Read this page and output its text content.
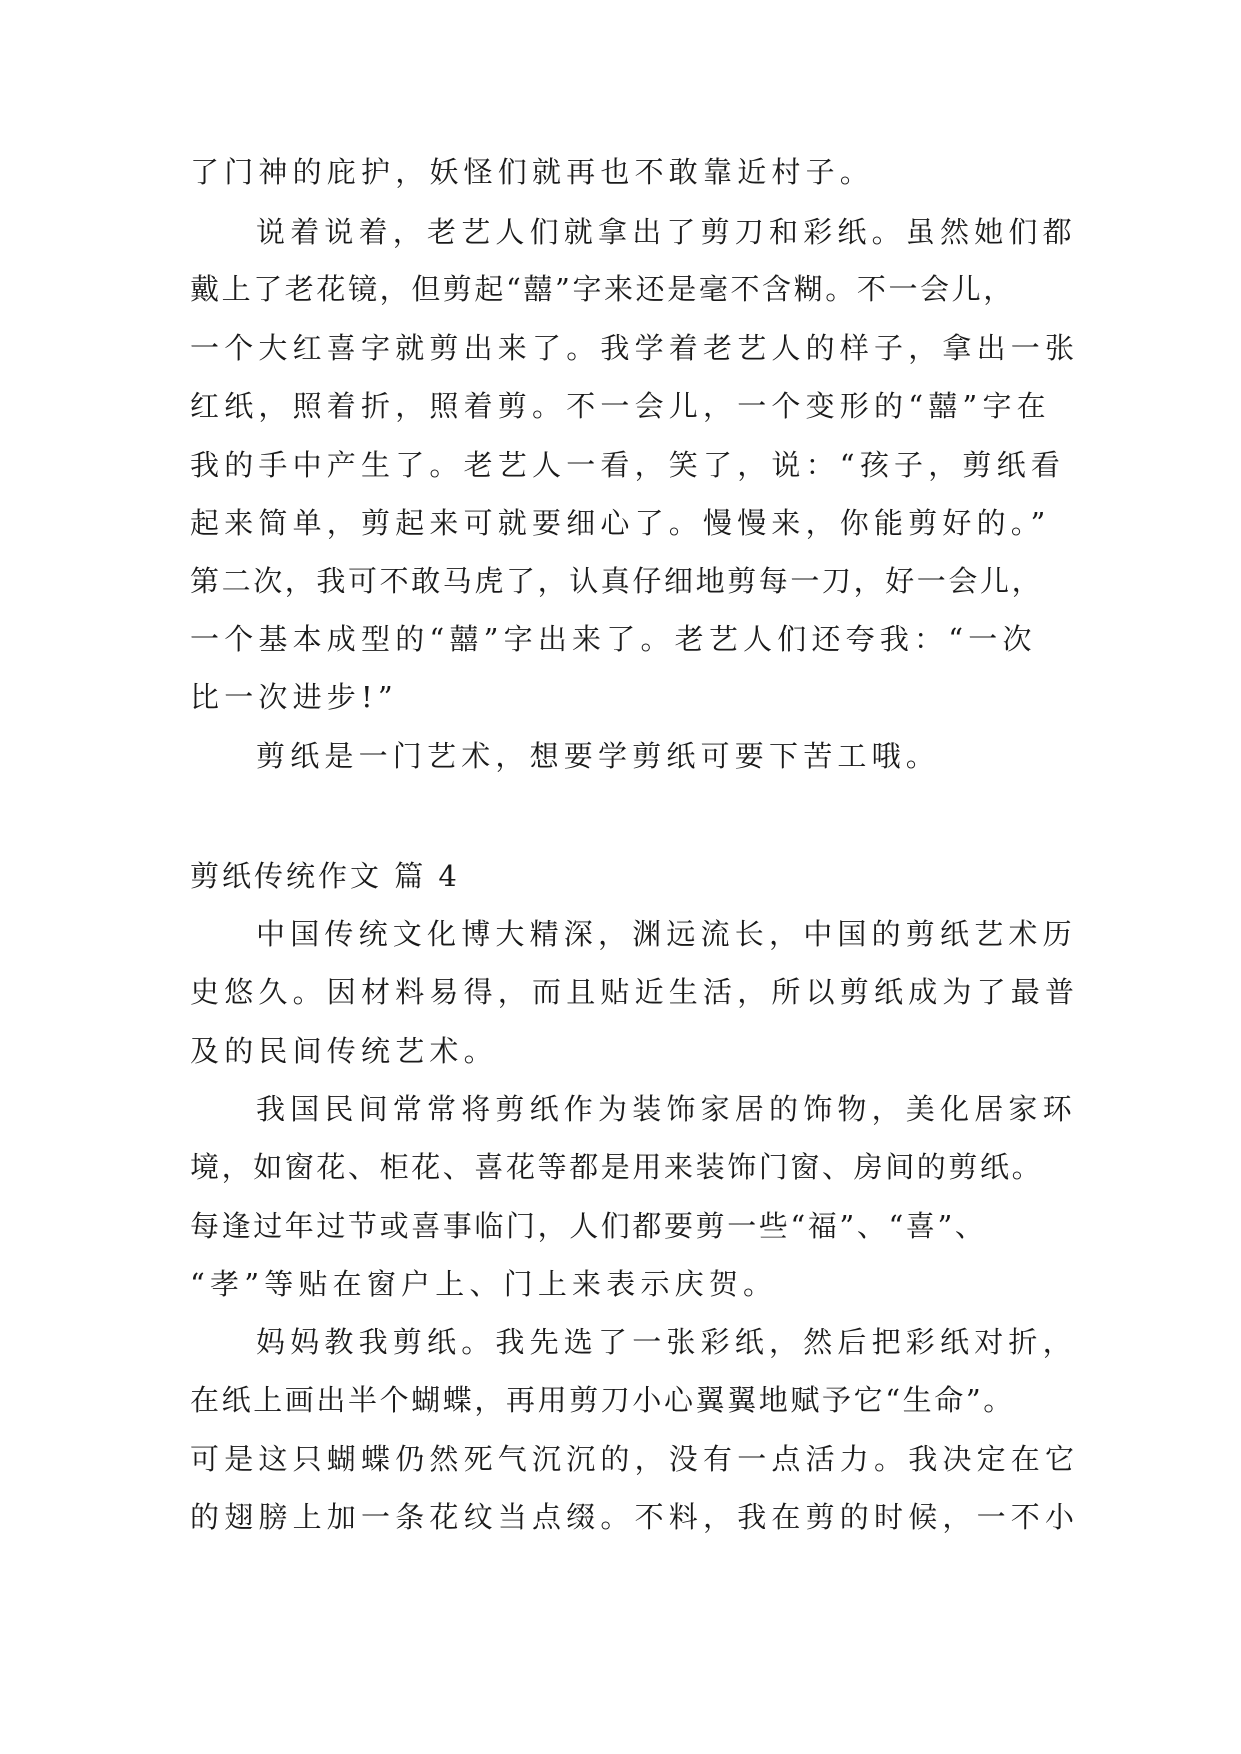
了门神的庇护，妖怪们就再也不敢靠近村子。
说着说着，老艺人们就拿出了剪刀和彩纸。虽然她们都
戴上了老花镜，但剪起“囍”字来还是毫不含糊。不一会儿，
一个大红喜字就剪出来了。我学着老艺人的样子，拿出一张
红纸，照着折，照着剪。不一会儿，一个变形的“囍”字在
我的手中产生了。老艺人一看，笑了，说：“孩子，剪纸看
起来简单，剪起来可就要细心了。慢慢来，你能剪好的。”
第二次，我可不敢马虎了，认真仔细地剪每一刀，好一会儿，
一个基本成型的“囍”字出来了。老艺人们还夸我：“一次
比一次进步!”
剪纸是一门艺术，想要学剪纸可要下苦工哦。
剪纸传统作文 篇 4
中国传统文化博大精深，渊远流长，中国的剪纸艺术历
史悠久。因材料易得，而且贴近生活，所以剪纸成为了最普
及的民间传统艺术。
我国民间常常将剪纸作为装饰家居的饰物，美化居家环
境，如窗花、柜花、喜花等都是用来装饰门窗、房间的剪纸。
每逢过年过节或喜事临门，人们都要剪一些“福”、“喜”、
“孝”等贴在窗户上、门上来表示庆贺。
妈妈教我剪纸。我先选了一张彩纸，然后把彩纸对折，
在纸上画出半个蝴蝶，再用剪刀小心翼翼地赋予它“生命”。
可是这只蝴蝶仍然死气沉沉的，没有一点活力。我决定在它
的翅膀上加一条花纹当点缀。不料，我在剪的时候，一不小
